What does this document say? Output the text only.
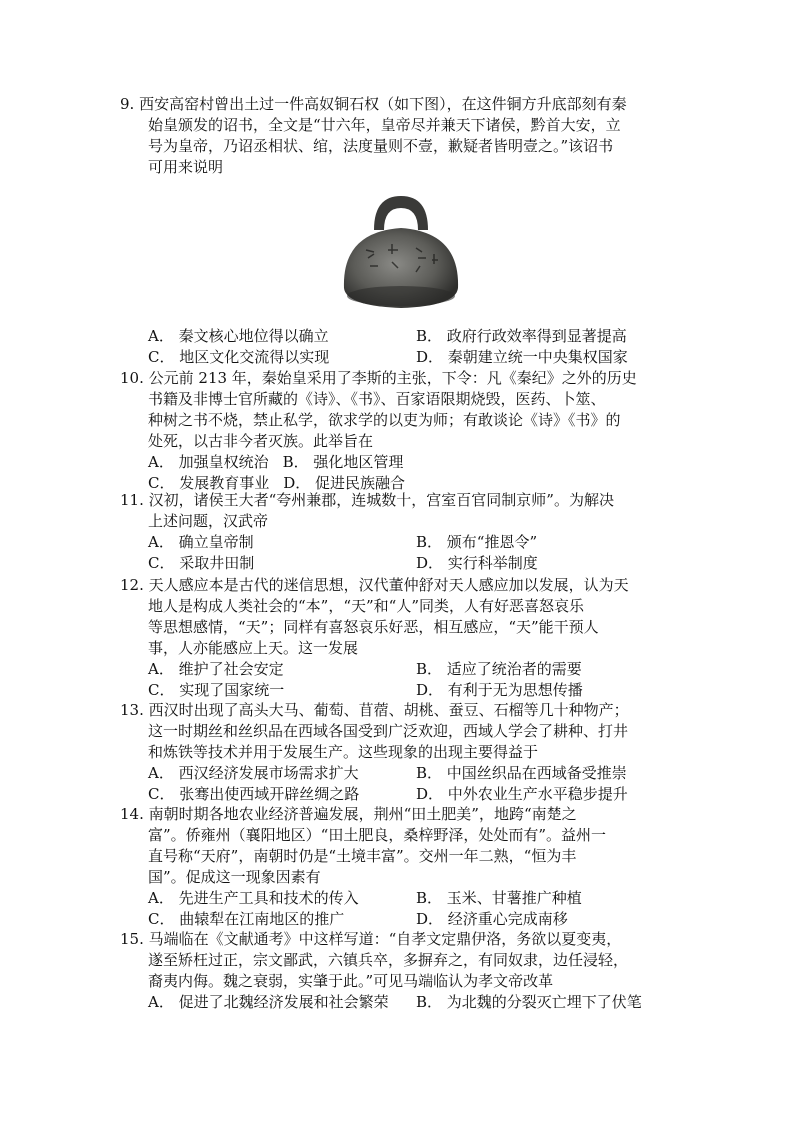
9. 西安高窑村曾出土过一件高奴铜石权（如下图），在这件铜方升底部刻有秦
始皇颁发的诏书，全文是“廿六年，皇帝尽并兼天下诸侯，黔首大安，立
号为皇帝，乃诏丞相状、绾，法度量则不壹，歉疑者皆明壹之。”该诏书
可用来说明
A． 秦文核心地位得以确立	B． 政府行政效率得到显著提高
C． 地区文化交流得以实现	D． 秦朝建立统一中央集权国家
10. 公元前 213 年，秦始皇采用了李斯的主张，下令：凡《秦纪》之外的历史
书籍及非博士官所藏的《诗》、《书》、百家语限期烧毁，医药、卜筮、
种树之书不烧，禁止私学，欲求学的以吏为师；有敢谈论《诗》《书》的
处死，以古非今者灭族。此举旨在
A． 加强皇权统治 B． 强化地区管理
C． 发展教育事业 D． 促进民族融合
11. 汉初，诸侯王大者“夸州兼郡，连城数十，宫室百官同制京师”。为解决
上述问题，汉武帝
A． 确立皇帝制	B． 颁布“推恩令”
C． 采取井田制	D． 实行科举制度
12. 天人感应本是古代的迷信思想，汉代董仲舒对天人感应加以发展，认为天
地人是构成人类社会的“本”，“天”和“人”同类，人有好恶喜怒哀乐
等思想感情，“天”；同样有喜怒哀乐好恶，相互感应，“天”能干预人
事，人亦能感应上天。这一发展
A． 维护了社会安定	B． 适应了统治者的需要
C． 实现了国家统一	D． 有利于无为思想传播
13. 西汉时出现了高头大马、葡萄、苜蓿、胡桃、蚕豆、石榴等几十种物产；
这一时期丝和丝织品在西域各国受到广泛欢迎，西域人学会了耕种、打井
和炼铁等技术并用于发展生产。这些现象的出现主要得益于
A． 西汉经济发展市场需求扩大	B． 中国丝织品在西域备受推崇
C． 张骞出使西域开辟丝绸之路	D． 中外农业生产水平稳步提升
14. 南朝时期各地农业经济普遍发展，荆州“田土肥美”，地跨“南楚之
富”。侨雍州（襄阳地区）“田土肥良，桑梓野泽，处处而有”。益州一
直号称“天府”，南朝时仍是“土境丰富”。交州一年二熟，“恒为丰
国”。促成这一现象因素有
A． 先进生产工具和技术的传入	B． 玉米、甘薯推广种植
C． 曲辕犁在江南地区的推广	D． 经济重心完成南移
15. 马端临在《文献通考》中这样写道：“自孝文定鼎伊洛，务欲以夏变夷，
遂至矫枉过正，宗文鄙武，六镇兵卒，多摒弃之，有同奴隶，边任浸轻，
裔夷内侮。魏之衰弱，实肇于此。”可见马端临认为孝文帝改革
A． 促进了北魏经济发展和社会繁荣	B． 为北魏的分裂灭亡埋下了伏笔
